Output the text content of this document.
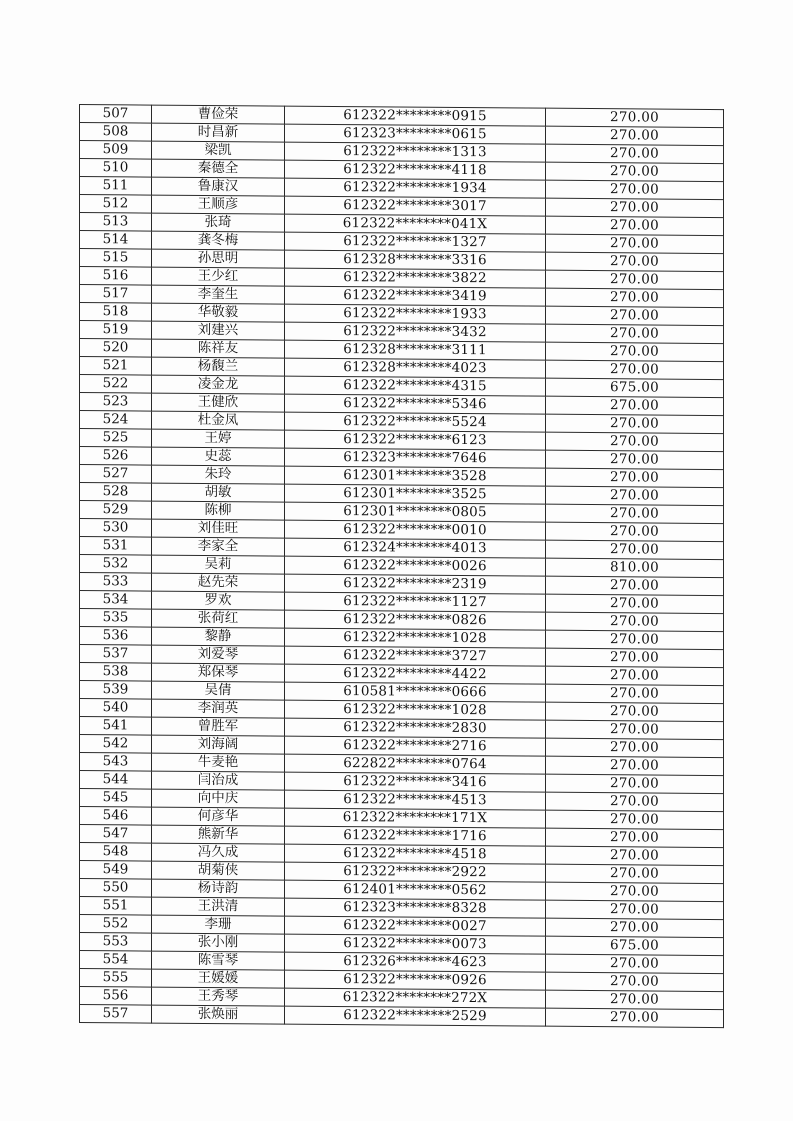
507	曹俭荣	612322********0915	270.00
508	时昌新	612323********0615	270.00
509	梁凯	612322********1313	270.00
510	秦德全	612322********4118	270.00
511	鲁康汉	612322********1934	270.00
512	王顺彦	612322********3017	270.00
513	张琦	612322********041X	270.00
514	龚冬梅	612322********1327	270.00
515	孙思明	612328********3316	270.00
516	王少红	612322********3822	270.00
517	李奎生	612322********3419	270.00
518	华敬毅	612322********1933	270.00
519	刘建兴	612322********3432	270.00
520	陈祥友	612328********3111	270.00
521	杨馥兰	612328********4023	270.00
522	凌金龙	612322********4315	675.00
523	王健欣	612322********5346	270.00
524	杜金凤	612322********5524	270.00
525	王婷	612322********6123	270.00
526	史蕊	612323********7646	270.00
527	朱玲	612301********3528	270.00
528	胡敏	612301********3525	270.00
529	陈柳	612301********0805	270.00
530	刘佳旺	612322********0010	270.00
531	李家全	612324********4013	270.00
532	吴莉	612322********0026	810.00
533	赵先荣	612322********2319	270.00
534	罗欢	612322********1127	270.00
535	张荷红	612322********0826	270.00
536	黎静	612322********1028	270.00
537	刘爱琴	612322********3727	270.00
538	郑保琴	612322********4422	270.00
539	吴倩	610581********0666	270.00
540	李润英	612322********1028	270.00
541	曾胜军	612322********2830	270.00
542	刘海阔	612322********2716	270.00
543	牛麦艳	622822********0764	270.00
544	闫治成	612322********3416	270.00
545	向中庆	612322********4513	270.00
546	何彦华	612322********171X	270.00
547	熊新华	612322********1716	270.00
548	冯久成	612322********4518	270.00
549	胡菊侠	612322********2922	270.00
550	杨诗韵	612401********0562	270.00
551	王洪清	612323********8328	270.00
552	李珊	612322********0027	270.00
553	张小刚	612322********0073	675.00
554	陈雪琴	612326********4623	270.00
555	王媛媛	612322********0926	270.00
556	王秀琴	612322********272X	270.00
557	张焕丽	612322********2529	270.00
